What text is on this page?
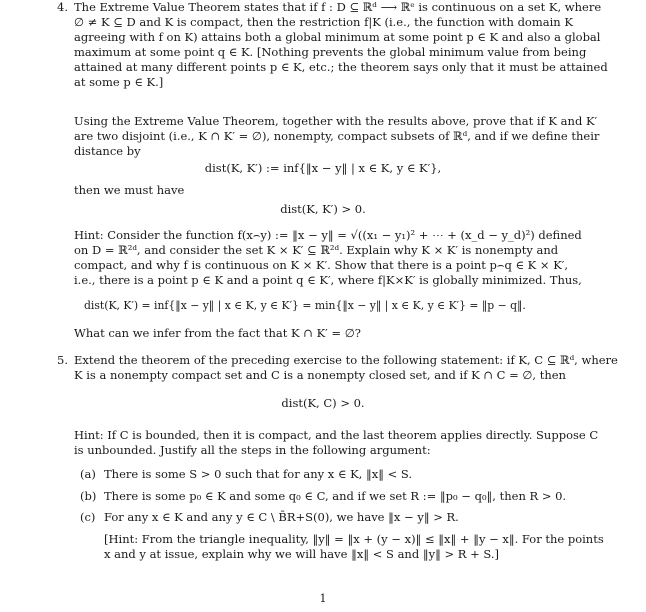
4. The Extreme Value Theorem states that if f : D ⊆ ℝᵈ ⟶ ℝᵉ is continuous on a set K, where
∅ ≠ K ⊆ D and K is compact, then the restriction f|K (i.e., the function with domain K
agreeing with f on K) attains both a global minimum at some point p ∈ K and also a global
maximum at some point q ∈ K. [Nothing prevents the global minimum value from being
attained at many different points p ∈ K, etc.; the theorem says only that it must be attained
at some p ∈ K.]
Using the Extreme Value Theorem, together with the results above, prove that if K and K′
are two disjoint (i.e., K ∩ K′ = ∅), nonempty, compact subsets of ℝᵈ, and if we define their
distance by
dist(K, K′) := inf{‖x − y‖ | x ∈ K, y ∈ K′},
then we must have
dist(K, K′) > 0.
Hint: Consider the function f(x⌢y) := ‖x − y‖ = √((x₁ − y₁)² + ⋯ + (x_d − y_d)²) defined
on D = ℝ²ᵈ, and consider the set K × K′ ⊆ ℝ²ᵈ. Explain why K × K′ is nonempty and
compact, and why f is continuous on K × K′. Show that there is a point p⌢q ∈ K × K′,
i.e., there is a point p ∈ K and a point q ∈ K′, where f|K×K′ is globally minimized. Thus,
dist(K, K′) = inf{‖x − y‖ | x ∈ K, y ∈ K′} = min{‖x − y‖ | x ∈ K, y ∈ K′} = ‖p − q‖.
What can we infer from the fact that K ∩ K′ = ∅?
5. Extend the theorem of the preceding exercise to the following statement: if K, C ⊆ ℝᵈ, where
K is a nonempty compact set and C is a nonempty closed set, and if K ∩ C = ∅, then
dist(K, C) > 0.
Hint: If C is bounded, then it is compact, and the last theorem applies directly. Suppose C
is unbounded. Justify all the steps in the following argument:
(a) There is some S > 0 such that for any x ∈ K, ‖x‖ < S.
(b) There is some p₀ ∈ K and some q₀ ∈ C, and if we set R := ‖p₀ − q₀‖, then R > 0.
(c) For any x ∈ K and any y ∈ C \ B̄R+S(0), we have ‖x − y‖ > R.
[Hint: From the triangle inequality, ‖y‖ = ‖x + (y − x)‖ ≤ ‖x‖ + ‖y − x‖. For the points
x and y at issue, explain why we will have ‖x‖ < S and ‖y‖ > R + S.]
1
